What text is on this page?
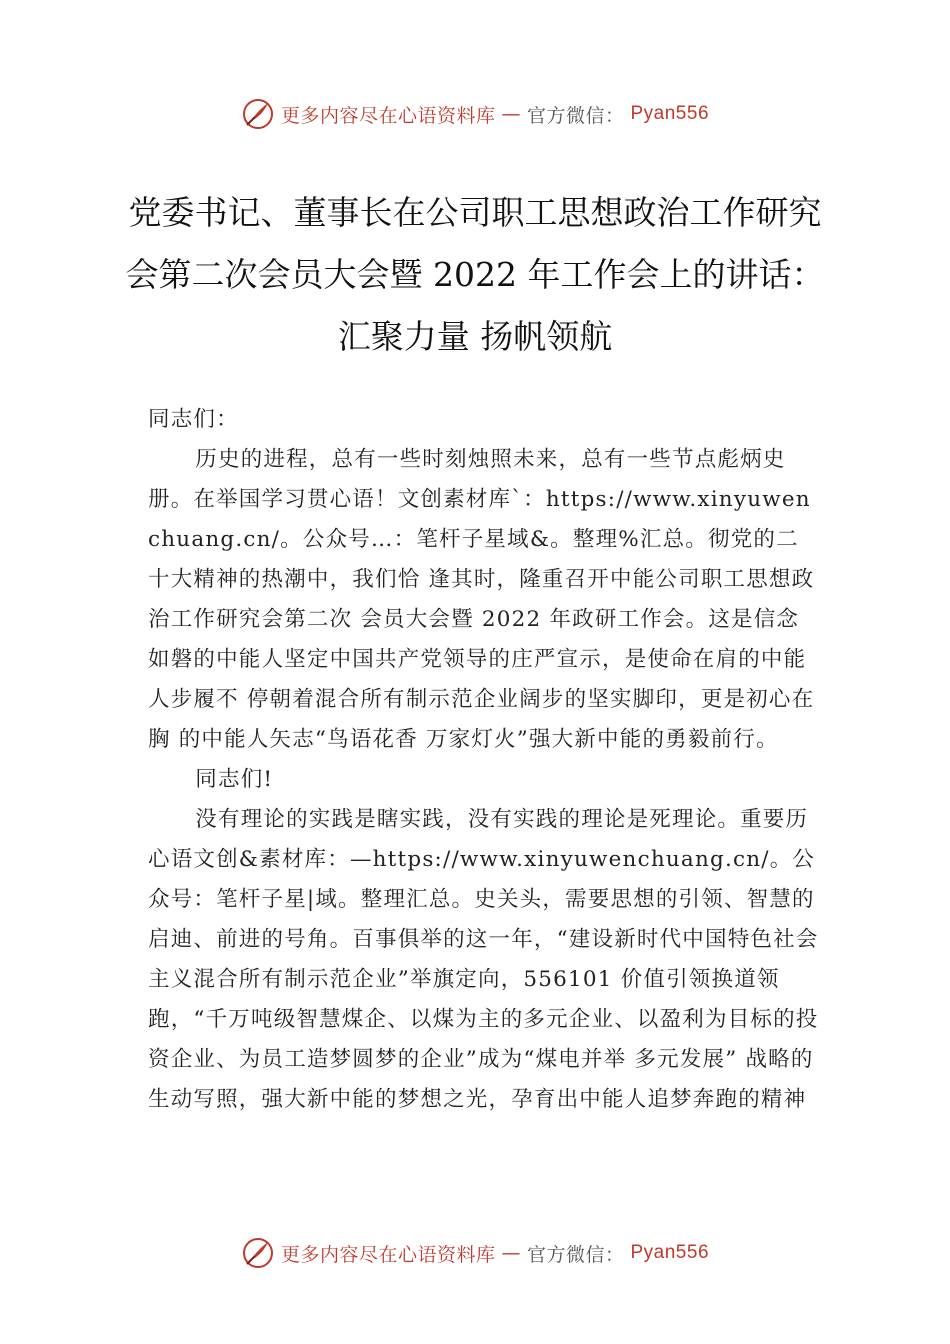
更多内容尽在心语资料库 — 官方微信： Pyan556
党委书记、董事长在公司职工思想政治工作研究会第二次会员大会暨 2022 年工作会上的讲话： 汇聚力量 扬帆领航

同志们：

历史的进程，总有一些时刻烛照未来，总有一些节点彪炳史册。在举国学习贯心语！文创素材库`：https://www.xinyuwenchuang.cn/。公众号…：笔杆子星域&。整理%汇总。彻党的二十大精神的热潮中，我们恰 逢其时，隆重召开中能公司职工思想政治工作研究会第二次 会员大会暨 2022 年政研工作会。这是信念如磐的中能人坚定中国共产党领导的庄严宣示，是使命在肩的中能人步履不 停朝着混合所有制示范企业阔步的坚实脚印，更是初心在胸 的中能人矢志“鸟语花香 万家灯火”强大新中能的勇毅前行。

同志们!

没有理论的实践是瞎实践，没有实践的理论是死理论。重要历心语文创&素材库：—https://www.xinyuwenchuang.cn/。公众号：笔杆子星|域。整理汇总。史关头，需要思想的引领、智慧的启迪、前进的号角。百事俱举的这一年，“建设新时代中国特色社会主义混合所有制示范企业”举旗定向，556101 价值引领换道领跑，“千万吨级智慧煤企、以煤为主的多元企业、以盈利为目标的投资企业、为员工造梦圆梦的企业”成为“煤电并举 多元发展” 战略的生动写照，强大新中能的梦想之光，孕育出中能人追梦奔跑的精神

更多内容尽在心语资料库 — 官方微信： Pyan556
